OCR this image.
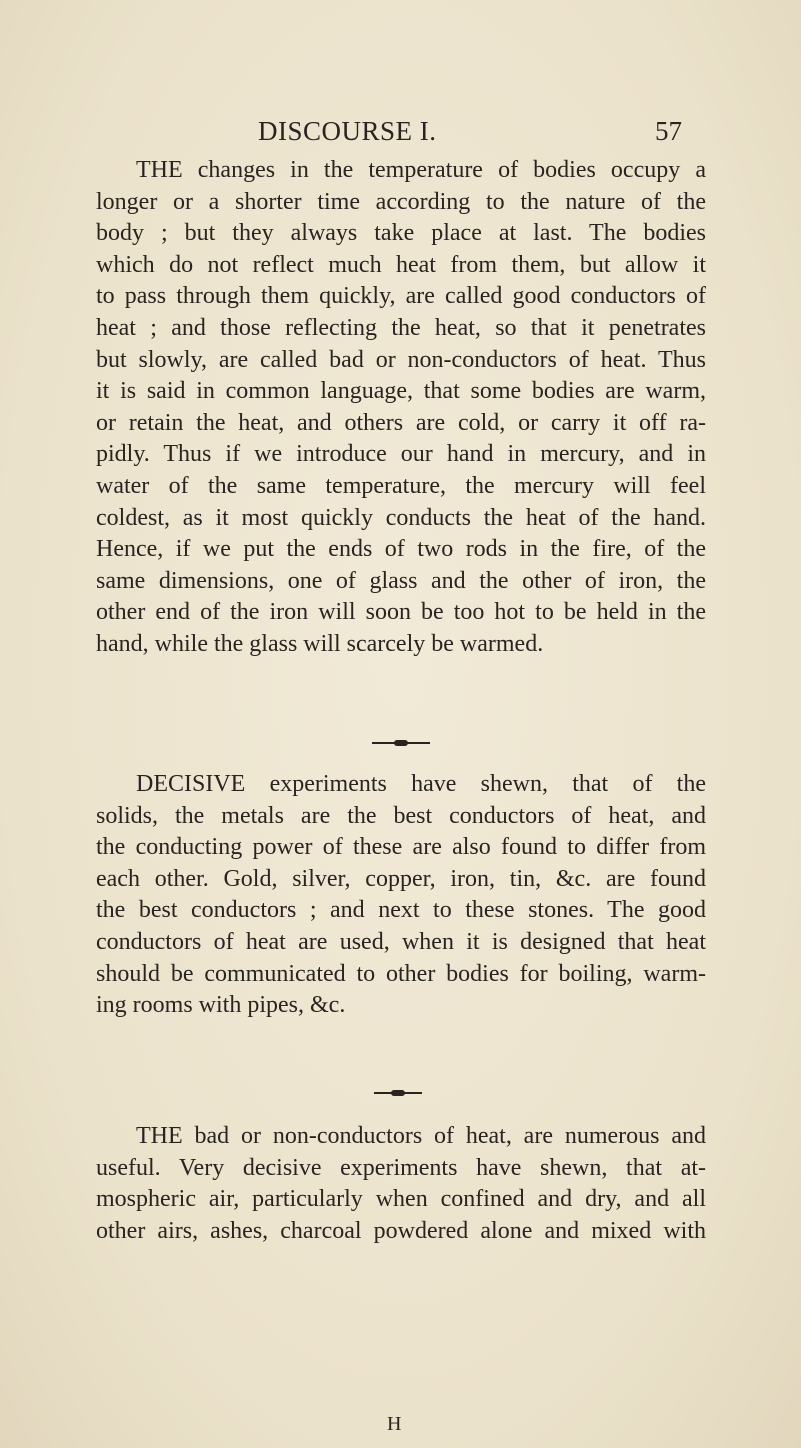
DISCOURSE I.	57
THE changes in the temperature of bodies occupy a
longer or a shorter time according to the nature of the
body ; but they always take place at last. The bodies
which do not reflect much heat from them, but allow it
to pass through them quickly, are called good conductors of
heat ; and those reflecting the heat, so that it penetrates
but slowly, are called bad or non-conductors of heat. Thus
it is said in common language, that some bodies are warm,
or retain the heat, and others are cold, or carry it off ra-
pidly. Thus if we introduce our hand in mercury, and in
water of the same temperature, the mercury will feel
coldest, as it most quickly conducts the heat of the hand.
Hence, if we put the ends of two rods in the fire, of the
same dimensions, one of glass and the other of iron, the
other end of the iron will soon be too hot to be held in the
hand, while the glass will scarcely be warmed.
DECISIVE experiments have shewn, that of the
solids, the metals are the best conductors of heat, and
the conducting power of these are also found to differ from
each other. Gold, silver, copper, iron, tin, &c. are found
the best conductors ; and next to these stones. The good
conductors of heat are used, when it is designed that heat
should be communicated to other bodies for boiling, warm-
ing rooms with pipes, &c.
THE bad or non-conductors of heat, are numerous and
useful. Very decisive experiments have shewn, that at-
mospheric air, particularly when confined and dry, and all
other airs, ashes, charcoal powdered alone and mixed with
H
